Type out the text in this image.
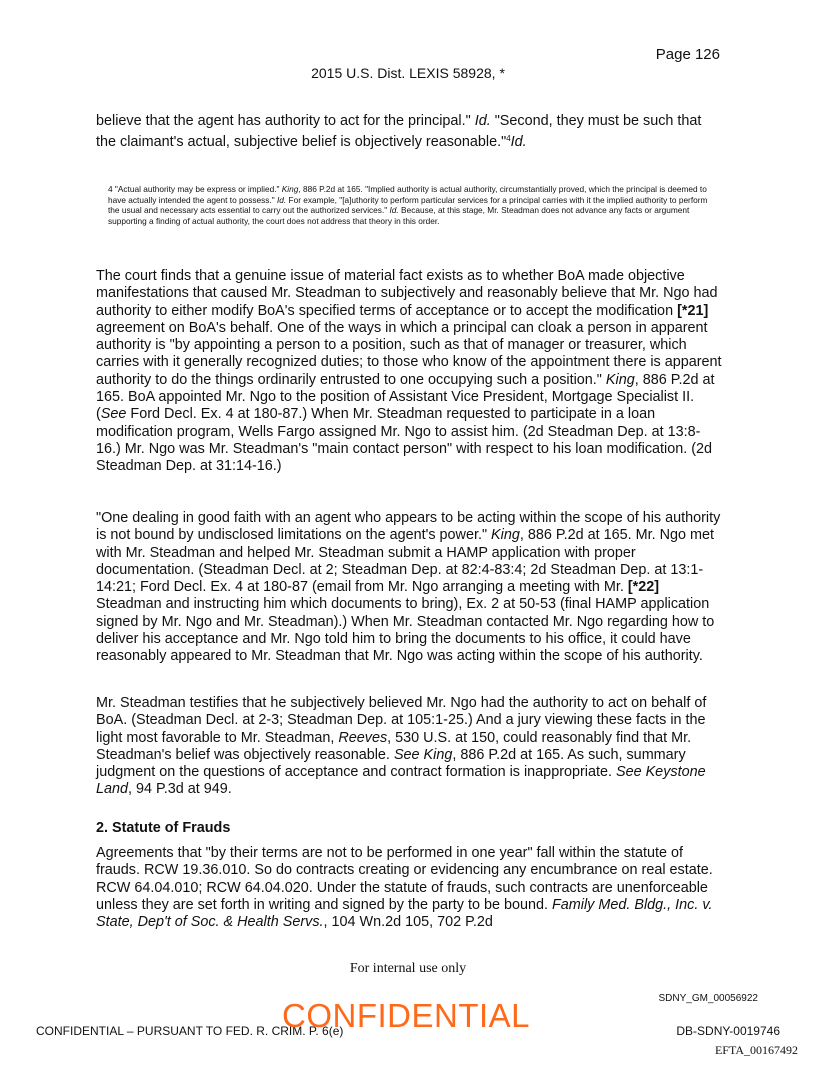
Page 126
2015 U.S. Dist. LEXIS 58928, *
believe that the agent has authority to act for the principal." Id. "Second, they must be such that the claimant's actual, subjective belief is objectively reasonable."$^4$Id.
4 "Actual authority may be express or implied." King, 886 P.2d at 165. "Implied authority is actual authority, circumstantially proved, which the principal is deemed to have actually intended the agent to possess." Id. For example, "[a]uthority to perform particular services for a principal carries with it the implied authority to perform the usual and necessary acts essential to carry out the authorized services." Id. Because, at this stage, Mr. Steadman does not advance any facts or argument supporting a finding of actual authority, the court does not address that theory in this order.
The court finds that a genuine issue of material fact exists as to whether BoA made objective manifestations that caused Mr. Steadman to subjectively and reasonably believe that Mr. Ngo had authority to either modify BoA's specified terms of acceptance or to accept the modification [*21] agreement on BoA's behalf. One of the ways in which a principal can cloak a person in apparent authority is "by appointing a person to a position, such as that of manager or treasurer, which carries with it generally recognized duties; to those who know of the appointment there is apparent authority to do the things ordinarily entrusted to one occupying such a position." King, 886 P.2d at 165. BoA appointed Mr. Ngo to the position of Assistant Vice President, Mortgage Specialist II. (See Ford Decl. Ex. 4 at 180-87.) When Mr. Steadman requested to participate in a loan modification program, Wells Fargo assigned Mr. Ngo to assist him. (2d Steadman Dep. at 13:8-16.) Mr. Ngo was Mr. Steadman's "main contact person" with respect to his loan modification. (2d Steadman Dep. at 31:14-16.)
"One dealing in good faith with an agent who appears to be acting within the scope of his authority is not bound by undisclosed limitations on the agent's power." King, 886 P.2d at 165. Mr. Ngo met with Mr. Steadman and helped Mr. Steadman submit a HAMP application with proper documentation. (Steadman Decl. at 2; Steadman Dep. at 82:4-83:4; 2d Steadman Dep. at 13:1-14:21; Ford Decl. Ex. 4 at 180-87 (email from Mr. Ngo arranging a meeting with Mr. [*22] Steadman and instructing him which documents to bring), Ex. 2 at 50-53 (final HAMP application signed by Mr. Ngo and Mr. Steadman).) When Mr. Steadman contacted Mr. Ngo regarding how to deliver his acceptance and Mr. Ngo told him to bring the documents to his office, it could have reasonably appeared to Mr. Steadman that Mr. Ngo was acting within the scope of his authority.
Mr. Steadman testifies that he subjectively believed Mr. Ngo had the authority to act on behalf of BoA. (Steadman Decl. at 2-3; Steadman Dep. at 105:1-25.) And a jury viewing these facts in the light most favorable to Mr. Steadman, Reeves, 530 U.S. at 150, could reasonably find that Mr. Steadman's belief was objectively reasonable. See King, 886 P.2d at 165. As such, summary judgment on the questions of acceptance and contract formation is inappropriate. See Keystone Land, 94 P.3d at 949.
2. Statute of Frauds
Agreements that "by their terms are not to be performed in one year" fall within the statute of frauds. RCW 19.36.010. So do contracts creating or evidencing any encumbrance on real estate. RCW 64.04.010; RCW 64.04.020. Under the statute of frauds, such contracts are unenforceable unless they are set forth in writing and signed by the party to be bound. Family Med. Bldg., Inc. v. State, Dep't of Soc. & Health Servs., 104 Wn.2d 105, 702 P.2d
For internal use only
SDNY_GM_00056922
CONFIDENTIAL – PURSUANT TO FED. R. CRIM. P. 6(e)
CONFIDENTIAL	DB-SDNY-0019746
EFTA_00167492
